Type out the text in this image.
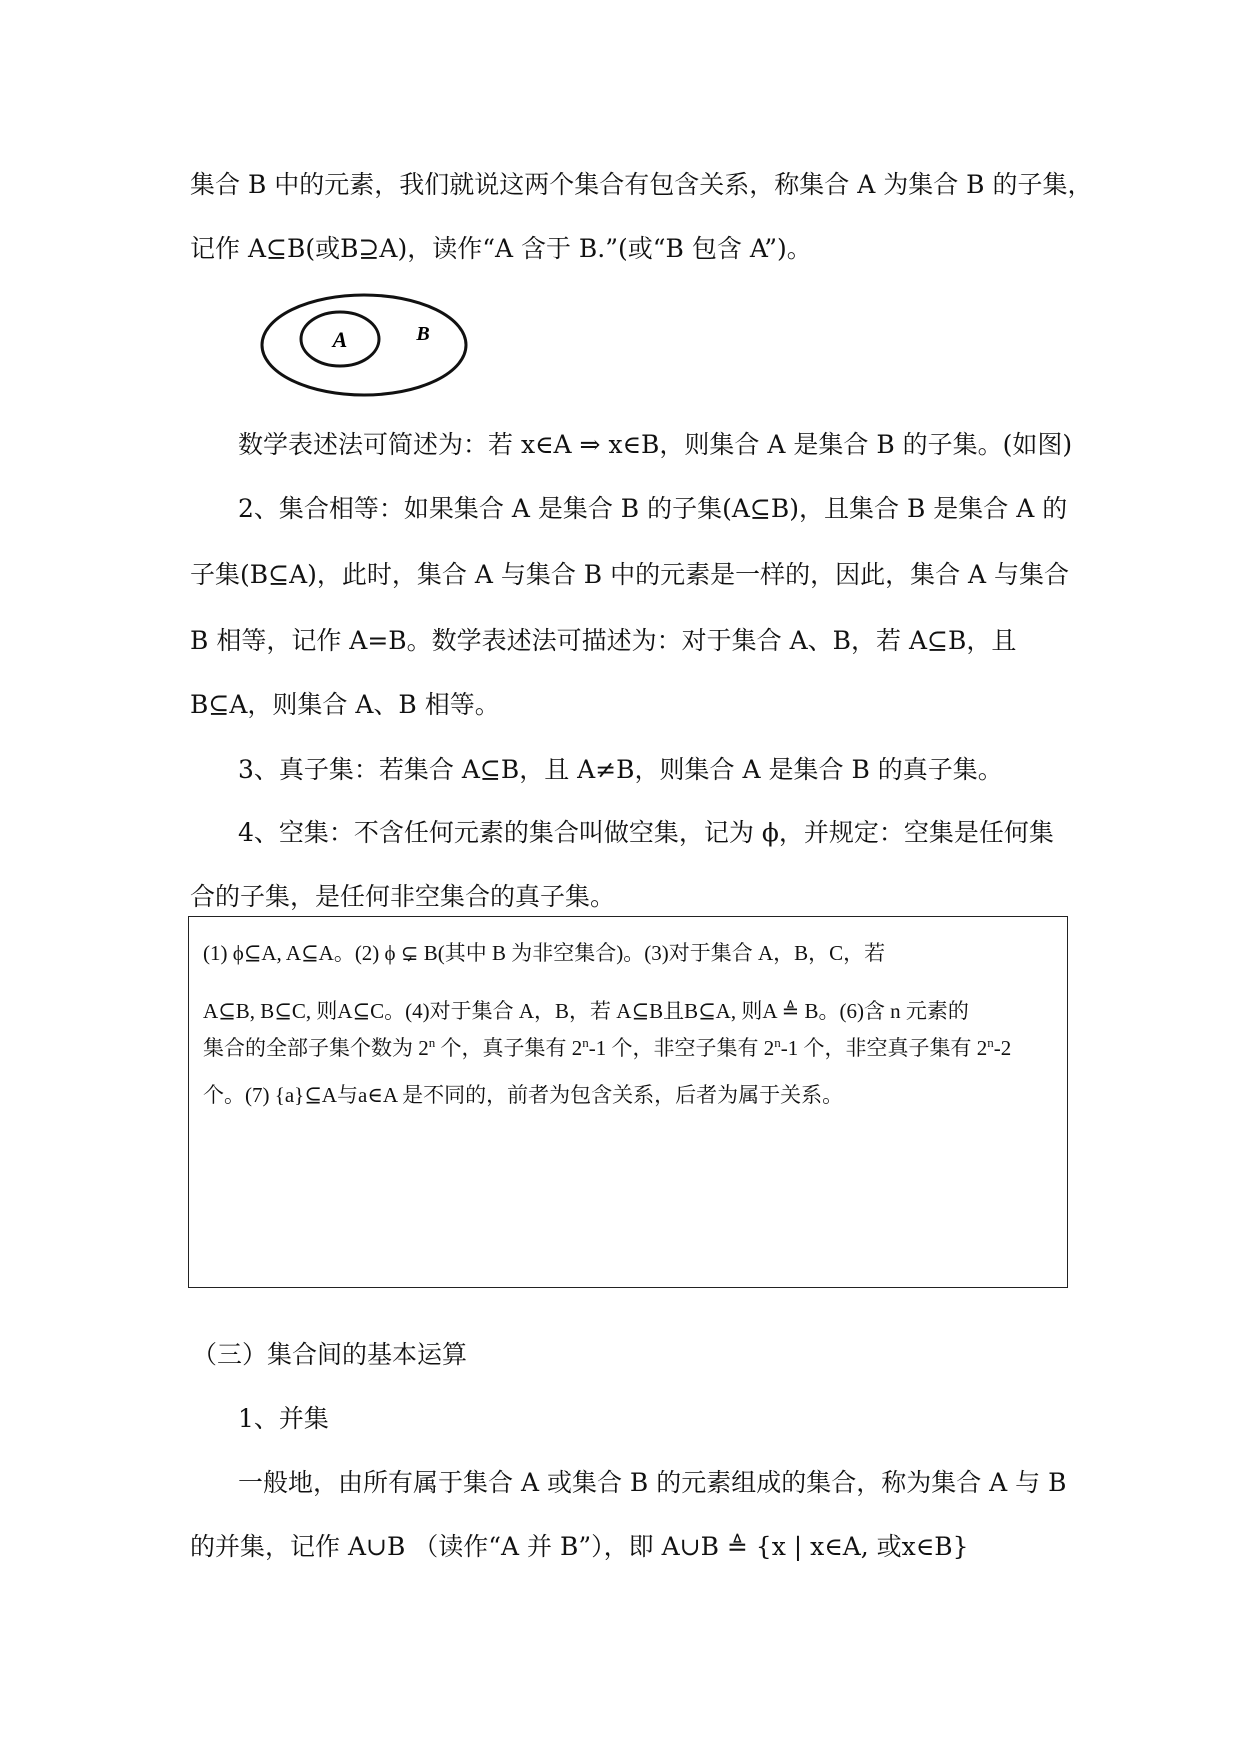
集合 B 中的元素，我们就说这两个集合有包含关系，称集合 A 为集合 B 的子集，
记作 A⊆B(或B⊇A)，读作“A 含于 B.”(或“B 包含 A”)。
A	B
数学表述法可简述为：若 x∈A ⇒ x∈B，则集合 A 是集合 B 的子集。(如图)
2、集合相等：如果集合 A 是集合 B 的子集(A⊆B)，且集合 B 是集合 A 的
子集(B⊆A)，此时，集合 A 与集合 B 中的元素是一样的，因此，集合 A 与集合
B 相等，记作 A=B。数学表述法可描述为：对于集合 A、B，若 A⊆B，且
B⊆A，则集合 A、B 相等。
3、真子集：若集合 A⊆B，且 A≠B，则集合 A 是集合 B 的真子集。
4、空集：不含任何元素的集合叫做空集，记为 ϕ，并规定：空集是任何集
合的子集，是任何非空集合的真子集。
(1) ϕ⊆A, A⊆A。(2) ϕ ⊊ B(其中 B 为非空集合)。(3)对于集合 A，B，C，若
A⊆B, B⊆C, 则A⊆C。(4)对于集合 A，B，若 A⊆B且B⊆A, 则A ≜ B。(6)含 n 元素的
集合的全部子集个数为 2$^n$ 个，真子集有 2$^n$-1 个，非空子集有 2$^n$-1 个，非空真子集有 2$^n$-2
个。(7) {a}⊆A与a∈A 是不同的，前者为包含关系，后者为属于关系。
（三）集合间的基本运算
1、并集
一般地，由所有属于集合 A 或集合 B 的元素组成的集合，称为集合 A 与 B
的并集，记作 A∪B （读作“A 并 B”），即 A∪B ≜ {x | x∈A, 或x∈B}
